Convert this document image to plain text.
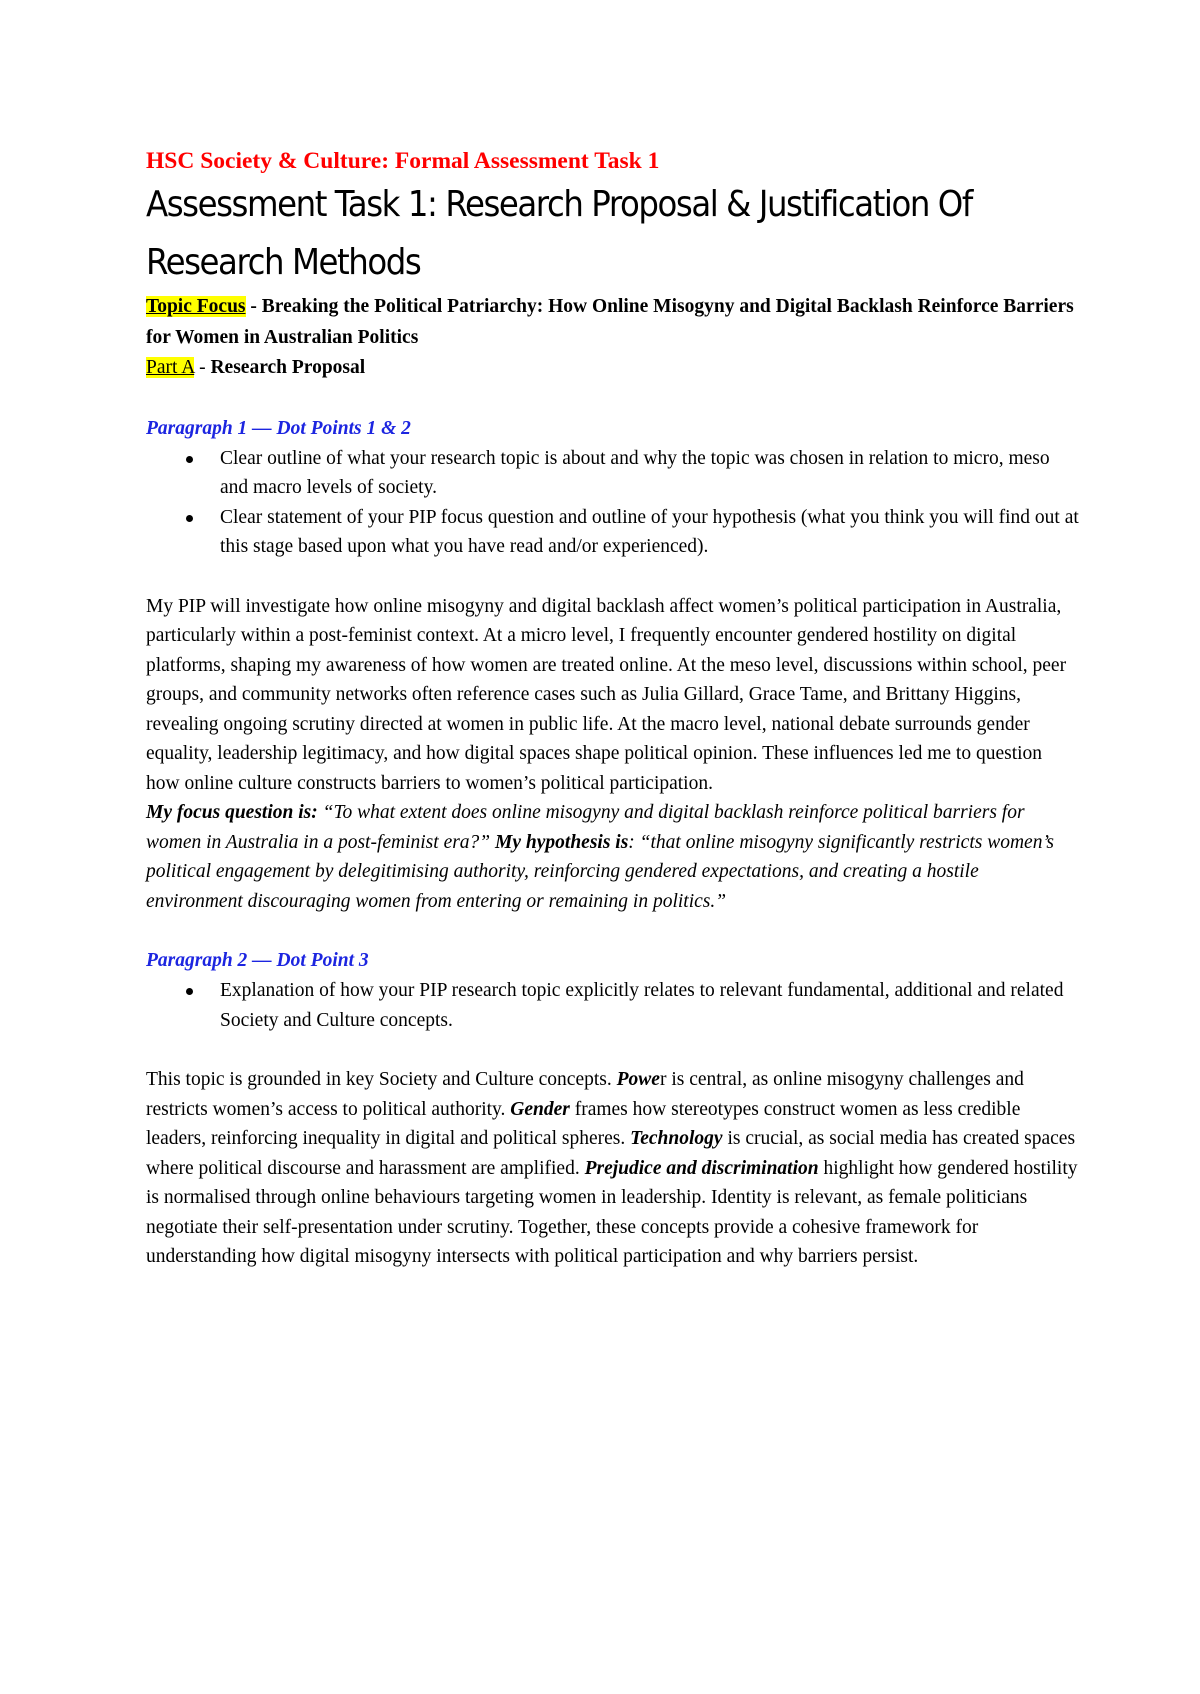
HSC Society & Culture: Formal Assessment Task 1

Assessment Task 1: Research Proposal & Justification Of Research Methods

Topic Focus - Breaking the Political Patriarchy: How Online Misogyny and Digital Backlash Reinforce Barriers for Women in Australian Politics

Part A - Research Proposal

Paragraph 1 — Dot Points 1 & 2

Clear outline of what your research topic is about and why the topic was chosen in relation to micro, meso and macro levels of society.
Clear statement of your PIP focus question and outline of your hypothesis (what you think you will find out at this stage based upon what you have read and/or experienced).

My PIP will investigate how online misogyny and digital backlash affect women’s political participation in Australia, particularly within a post-feminist context. At a micro level, I frequently encounter gendered hostility on digital platforms, shaping my awareness of how women are treated online. At the meso level, discussions within school, peer groups, and community networks often reference cases such as Julia Gillard, Grace Tame, and Brittany Higgins, revealing ongoing scrutiny directed at women in public life. At the macro level, national debate surrounds gender equality, leadership legitimacy, and how digital spaces shape political opinion. These influences led me to question how online culture constructs barriers to women’s political participation.

My focus question is: “To what extent does online misogyny and digital backlash reinforce political barriers for women in Australia in a post-feminist era?” My hypothesis is: “that online misogyny significantly restricts women’s political engagement by delegitimising authority, reinforcing gendered expectations, and creating a hostile environment discouraging women from entering or remaining in politics.”

Paragraph 2 — Dot Point 3

Explanation of how your PIP research topic explicitly relates to relevant fundamental, additional and related Society and Culture concepts.

This topic is grounded in key Society and Culture concepts. Power is central, as online misogyny challenges and restricts women’s access to political authority. Gender frames how stereotypes construct women as less credible leaders, reinforcing inequality in digital and political spheres. Technology is crucial, as social media has created spaces where political discourse and harassment are amplified. Prejudice and discrimination highlight how gendered hostility is normalised through online behaviours targeting women in leadership. Identity is relevant, as female politicians negotiate their self-presentation under scrutiny. Together, these concepts provide a cohesive framework for understanding how digital misogyny intersects with political participation and why barriers persist.
